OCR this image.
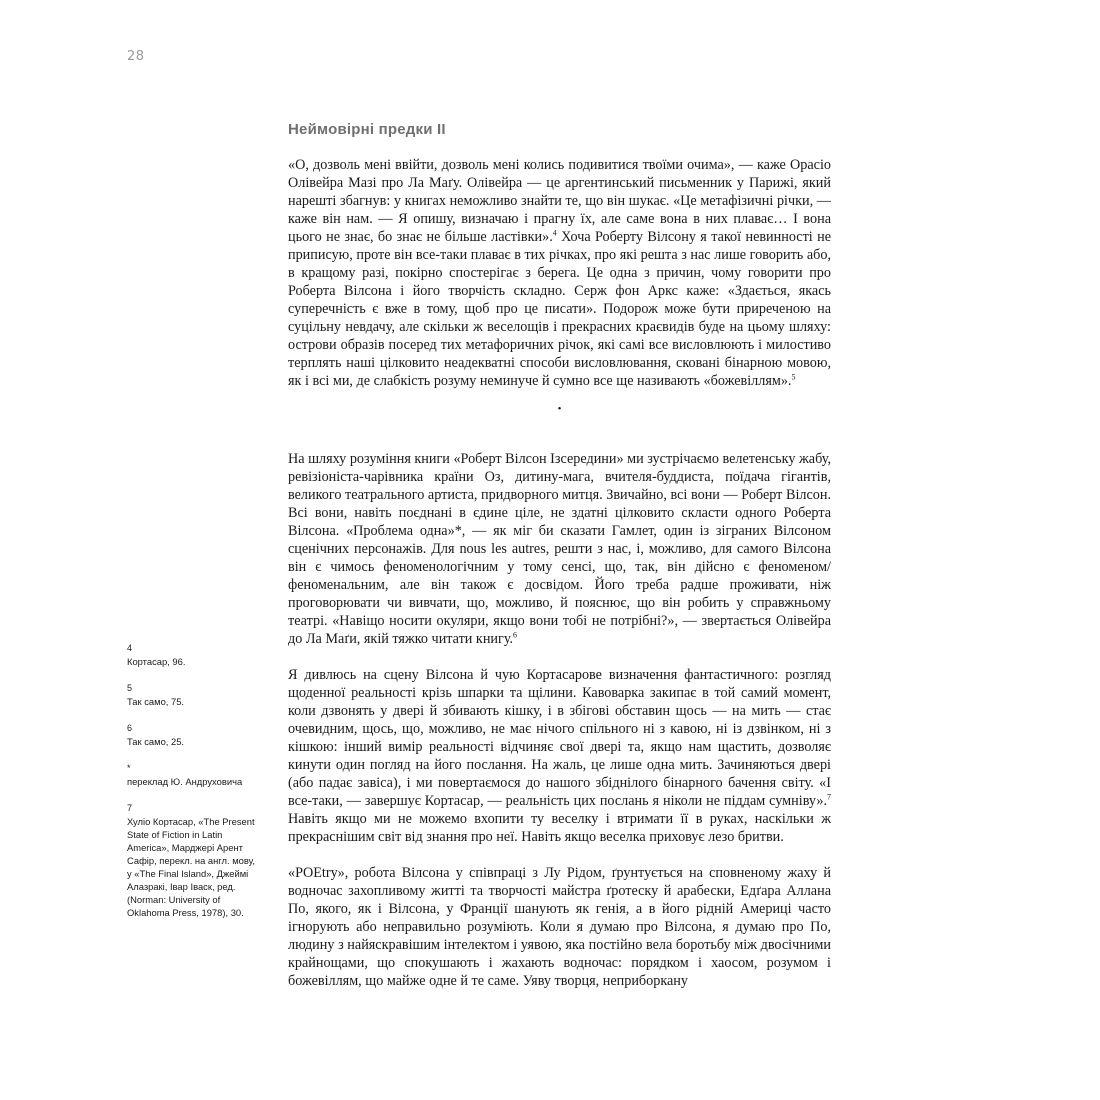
28
Неймовірні предки ІІ

«О, дозволь мені ввійти, дозволь мені колись подивитися твоїми очима», — каже Орасіо Олівейра Мазі про Ла Маґу. Олівейра — це аргентинський письменник у Парижі, який нарешті збагнув: у книгах неможливо знайти те, що він шукає. «Це метафізичні річки, — каже він нам. — Я опишу, визначаю і прагну їх, але саме вона в них плаває… І вона цього не знає, бо знає не більше ластівки».$^4$ Хоча Роберту Вілсону я такої невинності не приписую, проте він все-таки плаває в тих річках, про які решта з нас лише говорить або, в кращому разі, покірно спостерігає з берега. Це одна з причин, чому говорити про Роберта Вілсона і його творчість складно. Серж фон Аркс каже: «Здається, якась суперечність є вже в тому, щоб про це писати». Подорож може бути приреченою на суцільну невдачу, але скільки ж веселощів і прекрасних краєвидів буде на цьому шляху: острови образів посеред тих метафоричних річок, які самі все висловлюють і милостиво терплять наші цілковито неадекватні способи висловлювання, сковані бінарною мовою, як і всі ми, де слабкість розуму неминуче й сумно все ще називають «божевіллям».$^5$

•

На шляху розуміння книги «Роберт Вілсон Ізсередини» ми зустрічаємо велетенську жабу, ревізіоніста-чарівника країни Оз, дитину-мага, вчителя-буддиста, поїдача гігантів, великого театрального артиста, придворного митця. Звичайно, всі вони — Роберт Вілсон. Всі вони, навіть поєднані в єдине ціле, не здатні цілковито скласти одного Роберта Вілсона. «Проблема одна»*, — як міг би сказати Гамлет, один із зіграних Вілсоном сценічних персонажів. Для nous les autres, решти з нас, і, можливо, для самого Вілсона він є чимось феноменологічним у тому сенсі, що, так, він дійсно є феноменом/феноменальним, але він також є досвідом. Його треба радше проживати, ніж проговорювати чи вивчати, що, можливо, й пояснює, що він робить у справжньому театрі. «Навіщо носити окуляри, якщо вони тобі не потрібні?», — звертається Олівейра до Ла Маґи, якій тяжко читати книгу.$^6$

Я дивлюсь на сцену Вілсона й чую Кортасарове визначення фантастичного: розгляд щоденної реальності крізь шпарки та щілини. Кавоварка закипає в той самий момент, коли дзвонять у двері й збивають кішку, і в збігові обставин щось — на мить — стає очевидним, щось, що, можливо, не має нічого спільного ні з кавою, ні із дзвінком, ні з кішкою: інший вимір реальності відчиняє свої двері та, якщо нам щастить, дозволяє кинути один погляд на його послання. На жаль, це лише одна мить. Зачиняються двері (або падає завіса), і ми повертаємося до нашого збіднілого бінарного бачення світу. «І все-таки, — завершує Кортасар, — реальність цих послань я ніколи не піддам сумніву».$^7$ Навіть якщо ми не можемо вхопити ту веселку і втримати її в руках, наскільки ж прекраснішим світ від знання про неї. Навіть якщо веселка приховує лезо бритви.

«POEtry», робота Вілсона у співпраці з Лу Рідом, ґрунтується на сповненому жаху й водночас захопливому житті та творчості майстра ґротеску й арабески, Едґара Аллана По, якого, як і Вілсона, у Франції шанують як генія, а в його рідній Америці часто ігнорують або неправильно розуміють. Коли я думаю про Вілсона, я думаю про По, людину з найяскравішим інтелектом і уявою, яка постійно вела боротьбу між двосічними крайнощами, що спокушають і жахають водночас: порядком і хаосом, розумом і божевіллям, що майже одне й те саме. Уяву творця, неприборкану

4
Кортасар, 96.
5
Так само, 75.
6
Так само, 25.
*
переклад Ю. Андруховича
7
Хуліо Кортасар, «The Present State of Fiction in Latin America», Марджері Арент Сафір, перекл. на англ. мову, у «The Final Island», Джеймі Алазракі, Івар Іваск, ред. (Norman: University of Oklahoma Press, 1978), 30.
